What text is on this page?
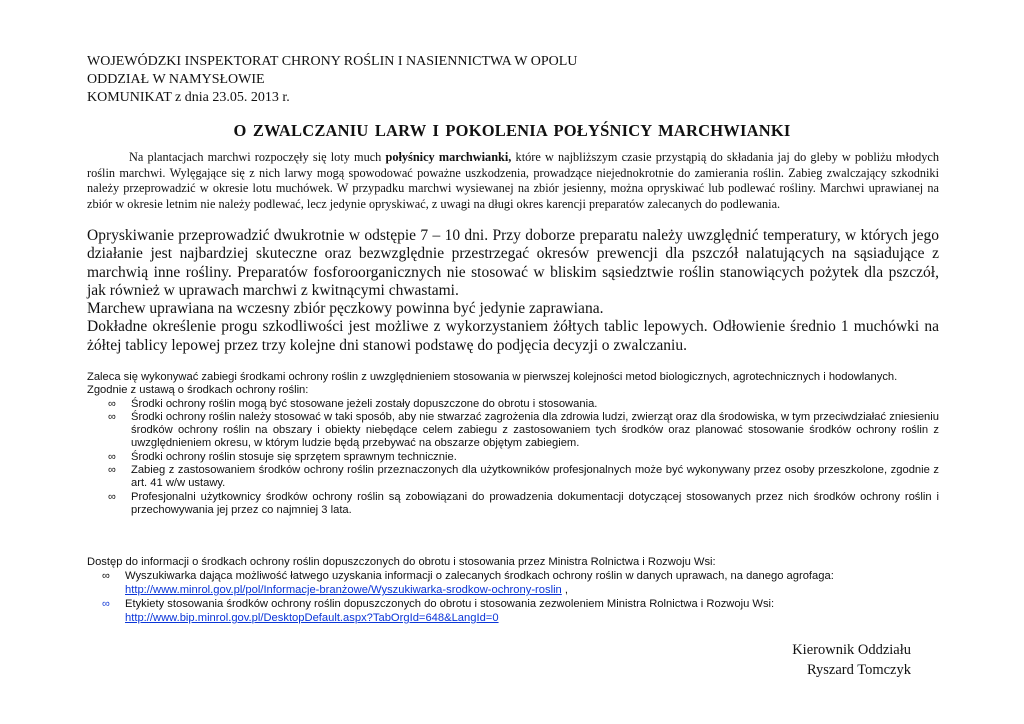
WOJEWÓDZKI INSPEKTORAT CHRONY ROŚLIN I NASIENNICTWA W OPOLU
ODDZIAŁ W NAMYSŁOWIE
KOMUNIKAT z dnia 23.05. 2013 r.
O ZWALCZANIU LARW I POKOLENIA POŁYŚNICY MARCHWIANKI

Na plantacjach marchwi rozpoczęły się loty much połyśnicy marchwianki, które w najbliższym czasie przystąpią do składania jaj do gleby w pobliżu młodych roślin marchwi. Wylęgające się z nich larwy mogą spowodować poważne uszkodzenia, prowadzące niejednokrotnie do zamierania roślin. Zabieg zwalczający szkodniki należy przeprowadzić w okresie lotu muchówek. W przypadku marchwi wysiewanej na zbiór jesienny, można opryskiwać lub podlewać rośliny. Marchwi uprawianej na zbiór w okresie letnim nie należy podlewać, lecz jedynie opryskiwać, z uwagi na długi okres karencji preparatów zalecanych do podlewania.

Opryskiwanie przeprowadzić dwukrotnie w odstępie 7 – 10 dni. Przy doborze preparatu należy uwzględnić temperatury, w których jego działanie jest najbardziej skuteczne oraz bezwzględnie przestrzegać okresów prewencji dla pszczół nalatujących na sąsiadujące z marchwią inne rośliny. Preparatów fosforoorganicznych nie stosować w bliskim sąsiedztwie roślin stanowiących pożytek dla pszczół, jak również w uprawach marchwi z kwitnącymi chwastami.

Marchew uprawiana na wczesny zbiór pęczkowy powinna być jedynie zaprawiana.

Dokładne określenie progu szkodliwości jest możliwe z wykorzystaniem żółtych tablic lepowych. Odłowienie średnio 1 muchówki na żółtej tablicy lepowej przez trzy kolejne dni stanowi podstawę do podjęcia decyzji o zwalczaniu.

Zaleca się wykonywać zabiegi środkami ochrony roślin z uwzględnieniem stosowania w pierwszej kolejności metod biologicznych, agrotechnicznych i hodowlanych.

Zgodnie z ustawą o środkach ochrony roślin:

∞ Środki ochrony roślin mogą być stosowane jeżeli zostały dopuszczone do obrotu i stosowania.
∞ Środki ochrony roślin należy stosować w taki sposób, aby nie stwarzać zagrożenia dla zdrowia ludzi, zwierząt oraz dla środowiska, w tym przeciwdziałać zniesieniu środków ochrony roślin na obszary i obiekty niebędące celem zabiegu z zastosowaniem tych środków oraz planować stosowanie środków ochrony roślin z uwzględnieniem okresu, w którym ludzie będą przebywać na obszarze objętym zabiegiem.
∞ Środki ochrony roślin stosuje się sprzętem sprawnym technicznie.
∞ Zabieg z zastosowaniem środków ochrony roślin przeznaczonych dla użytkowników profesjonalnych może być wykonywany przez osoby przeszkolone, zgodnie z art. 41 w/w ustawy.
∞ Profesjonalni użytkownicy środków ochrony roślin są zobowiązani do prowadzenia dokumentacji dotyczącej stosowanych przez nich środków ochrony roślin i przechowywania jej przez co najmniej 3 lata.

Dostęp do informacji o środkach ochrony roślin dopuszczonych do obrotu i stosowania przez Ministra Rolnictwa i Rozwoju Wsi:

∞ Wyszukiwarka dająca możliwość łatwego uzyskania informacji o zalecanych środkach ochrony roślin w danych uprawach, na danego agrofaga:
http://www.minrol.gov.pl/pol/Informacje-branżowe/Wyszukiwarka-srodkow-ochrony-roslin ,
∞ Etykiety stosowania środków ochrony roślin dopuszczonych do obrotu i stosowania zezwoleniem Ministra Rolnictwa i Rozwoju Wsi:
http://www.bip.minrol.gov.pl/DesktopDefault.aspx?TabOrgId=648&LangId=0
Kierownik Oddziału
Ryszard Tomczyk
